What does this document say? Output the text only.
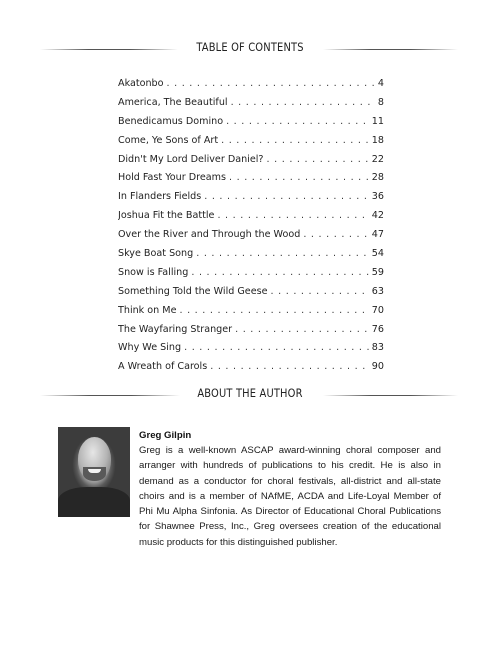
TABLE OF CONTENTS
Akatonbo . . .	4
America, The Beautiful . . .	8
Benedicamus Domino . . .	11
Come, Ye Sons of Art . . .	18
Didn't My Lord Deliver Daniel? . . .	22
Hold Fast Your Dreams . . .	28
In Flanders Fields . . .	36
Joshua Fit the Battle . . .	42
Over the River and Through the Wood . . .	47
Skye Boat Song . . .	54
Snow is Falling . . .	59
Something Told the Wild Geese . . .	63
Think on Me . . .	70
The Wayfaring Stranger . . .	76
Why We Sing . . .	83
A Wreath of Carols . . .	90
ABOUT THE AUTHOR
Greg Gilpin

Greg is a well-known ASCAP award-winning choral composer and arranger with hundreds of publications to his credit. He is also in demand as a conductor for choral festivals, all-district and all-state choirs and is a member of NAfME, ACDA and Life-Loyal Member of Phi Mu Alpha Sinfonia. As Director of Educational Choral Publications for Shawnee Press, Inc., Greg oversees creation of the educational music products for this distinguished publisher.
